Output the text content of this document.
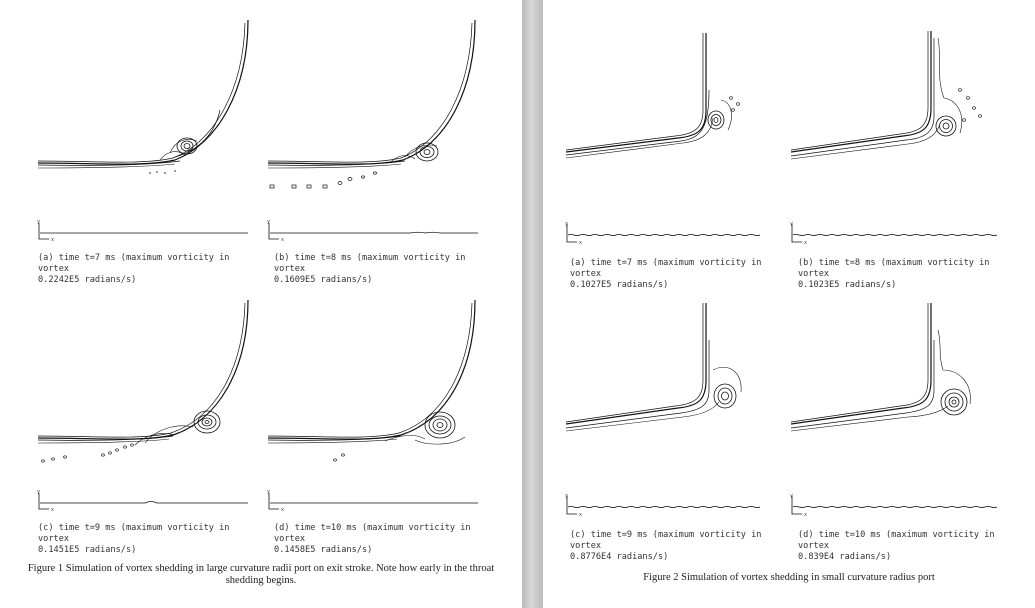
y
x
(a) time t=7 ms (maximum vorticity in vortex
0.2242E5 radians/s)
y
x
(b) time t=8 ms (maximum vorticity in vortex
0.1609E5 radians/s)
y
x
(c) time t=9 ms (maximum vorticity in vortex
0.1451E5 radians/s)
y
x
(d) time t=10 ms (maximum vorticity in vortex
0.1458E5 radians/s)
Figure 1 Simulation of vortex shedding in large curvature radii port on exit stroke. Note how early in the throat
shedding begins.
y
x
(a) time t=7 ms (maximum vorticity in vortex
0.1027E5 radians/s)
y
x
(b) time t=8 ms (maximum vorticity in vortex
0.1023E5 radians/s)
y
x
(c) time t=9 ms (maximum vorticity in vortex
0.8776E4 radians/s)
y
x
(d) time t=10 ms (maximum vorticity in vortex
0.839E4 radians/s)
Figure 2 Simulation of vortex shedding in small curvature radius port
